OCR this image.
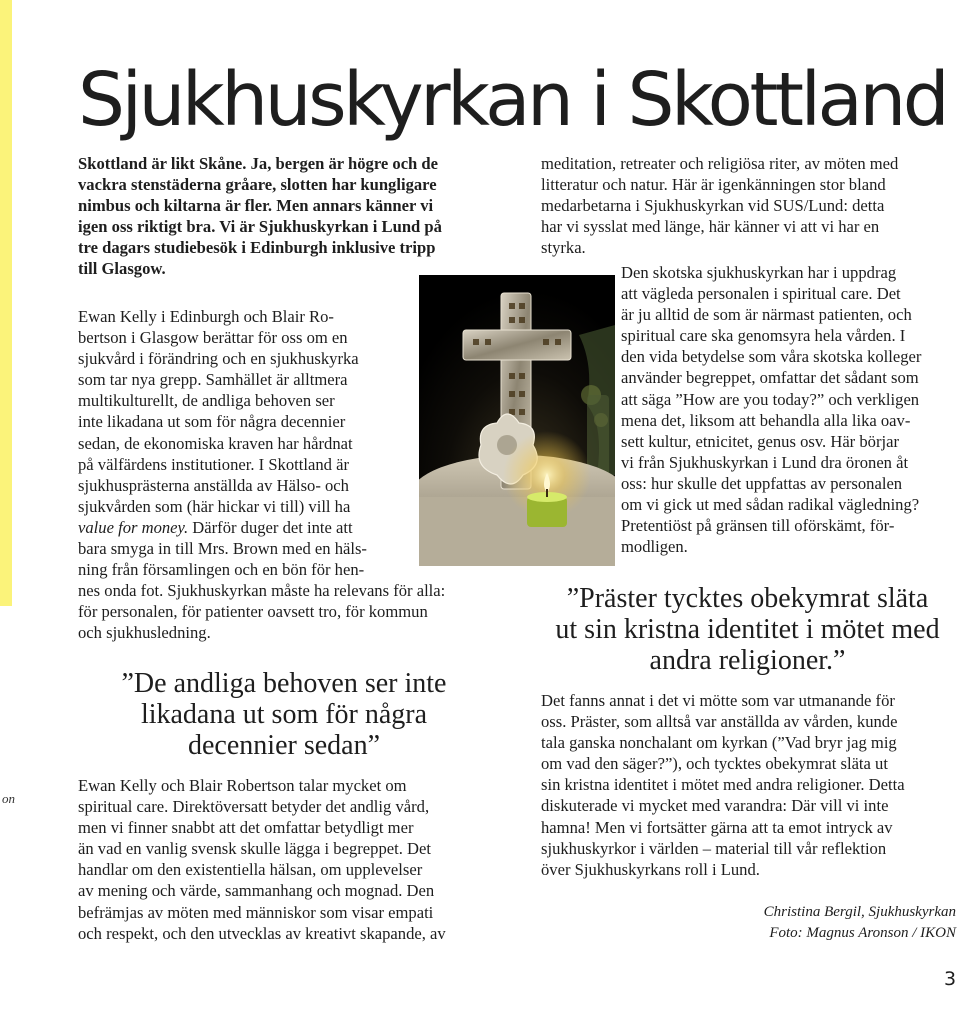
on
Sjukhuskyrkan i Skottland
Skottland är likt Skåne. Ja, bergen är högre och de
vackra stenstäderna gråare, slotten har kungligare
nimbus och kiltarna är fler. Men annars känner vi
igen oss riktigt bra. Vi är Sjukhuskyrkan i Lund på
tre dagars studiebesök i Edinburgh inklusive tripp
till Glasgow.
Ewan Kelly i Edinburgh och Blair Ro-
bertson i Glasgow berättar för oss om en
sjukvård i förändring och en sjukhuskyrka
som tar nya grepp. Samhället är alltmera
multikulturellt, de andliga behoven ser
inte likadana ut som för några decennier
sedan, de ekonomiska kraven har hårdnat
på välfärdens institutioner. I Skottland är
sjukhusprästerna anställda av Hälso- och
sjukvården som (här hickar vi till) vill ha
value for money. Därför duger det inte att
bara smyga in till Mrs. Brown med en häls-
ning från församlingen och en bön för hen-
nes onda fot. Sjukhuskyrkan måste ha relevans för alla:
för personalen, för patienter oavsett tro, för kommun
och sjukhusledning.
”De andliga behoven ser inte
likadana ut som för några
decennier sedan”
Ewan Kelly och Blair Robertson talar mycket om
spiritual care. Direktöversatt betyder det andlig vård,
men vi finner snabbt att det omfattar betydligt mer
än vad en vanlig svensk skulle lägga i begreppet. Det
handlar om den existentiella hälsan, om upplevelser
av mening och värde, sammanhang och mognad. Den
befrämjas av möten med människor som visar empati
och respekt, och den utvecklas av kreativt skapande, av
meditation, retreater och religiösa riter, av möten med
litteratur och natur. Här är igenkänningen stor bland
medarbetarna i Sjukhuskyrkan vid SUS/Lund: detta
har vi sysslat med länge, här känner vi att vi har en
styrka.
Den skotska sjukhuskyrkan har i uppdrag
att vägleda personalen i spiritual care. Det
är ju alltid de som är närmast patienten, och
spiritual care ska genomsyra hela vården. I
den vida betydelse som våra skotska kolleger
använder begreppet, omfattar det sådant som
att säga ”How are you today?” och verkligen
mena det, liksom att behandla alla lika oav-
sett kultur, etnicitet, genus osv. Här börjar
vi från Sjukhuskyrkan i Lund dra öronen åt
oss: hur skulle det uppfattas av personalen
om vi gick ut med sådan radikal vägledning?
Pretentiöst på gränsen till oförskämt, för-
modligen.
”Präster tycktes obekymrat släta
ut sin kristna identitet i mötet med
andra religioner.”
Det fanns annat i det vi mötte som var utmanande för
oss. Präster, som alltså var anställda av vården, kunde
tala ganska nonchalant om kyrkan (”Vad bryr jag mig
om vad den säger?”), och tycktes obekymrat släta ut
sin kristna identitet i mötet med andra religioner. Detta
diskuterade vi mycket med varandra: Där vill vi inte
hamna! Men vi fortsätter gärna att ta emot intryck av
sjukhuskyrkor i världen – material till vår reflektion
över Sjukhuskyrkans roll i Lund.
Christina Bergil, Sjukhuskyrkan
Foto: Magnus Aronson / IKON
3
